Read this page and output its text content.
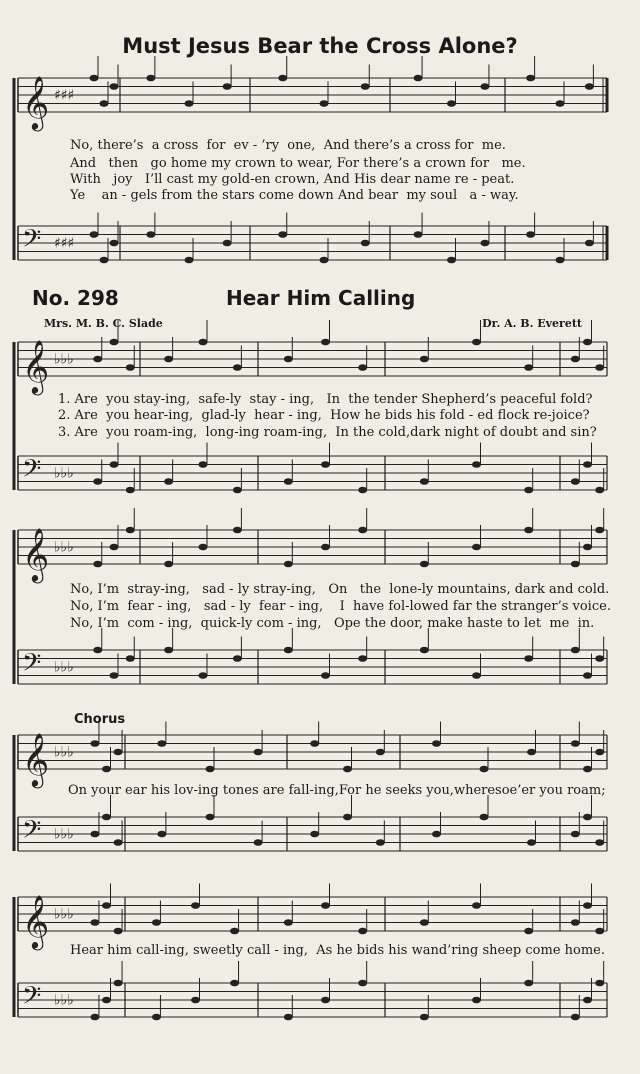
𝄞 ♯♯♯
𝄢 ♯♯♯
𝄞 ♭♭♭
𝄢 ♭♭♭
𝄞 ♭♭♭
𝄢 ♭♭♭
𝄞 ♭♭♭
𝄢 ♭♭♭
𝄞 ♭♭♭
𝄢 ♭♭♭
Must Jesus Bear the Cross Alone?

No, there’s  a cross  for  ev - ’ry  one,  And there’s a cross for  me.

And   then   go home my crown to wear, For there’s a crown for   me.

With   joy   I’ll cast my gold-en crown, And His dear name re - peat.

Ye    an - gels from the stars come down And bear  my soul   a - way.

No. 298	Hear Him Calling
Mrs. M. B. C. Slade	Dr. A. B. Everett

1. Are  you stay-ing,  safe-ly  stay - ing,   In  the tender Shepherd’s peaceful fold?

2. Are  you hear-ing,  glad-ly  hear - ing,  How he bids his fold - ed flock re-joice?

3. Are  you roam-ing,  long-ing roam-ing,  In the cold,dark night of doubt and sin?

No, I’m  stray-ing,   sad - ly stray-ing,   On   the  lone-ly mountains, dark and cold.

No, I’m  fear - ing,   sad - ly  fear - ing,    I  have fol-lowed far the stranger’s voice.

No, I’m  com - ing,  quick-ly com - ing,   Ope the door, make haste to let  me  in.

Chorus

On your ear his lov-ing tones are fall-ing,For he seeks you,wheresoe’er you roam;

Hear him call-ing, sweetly call - ing,  As he bids his wand’ring sheep come home.
